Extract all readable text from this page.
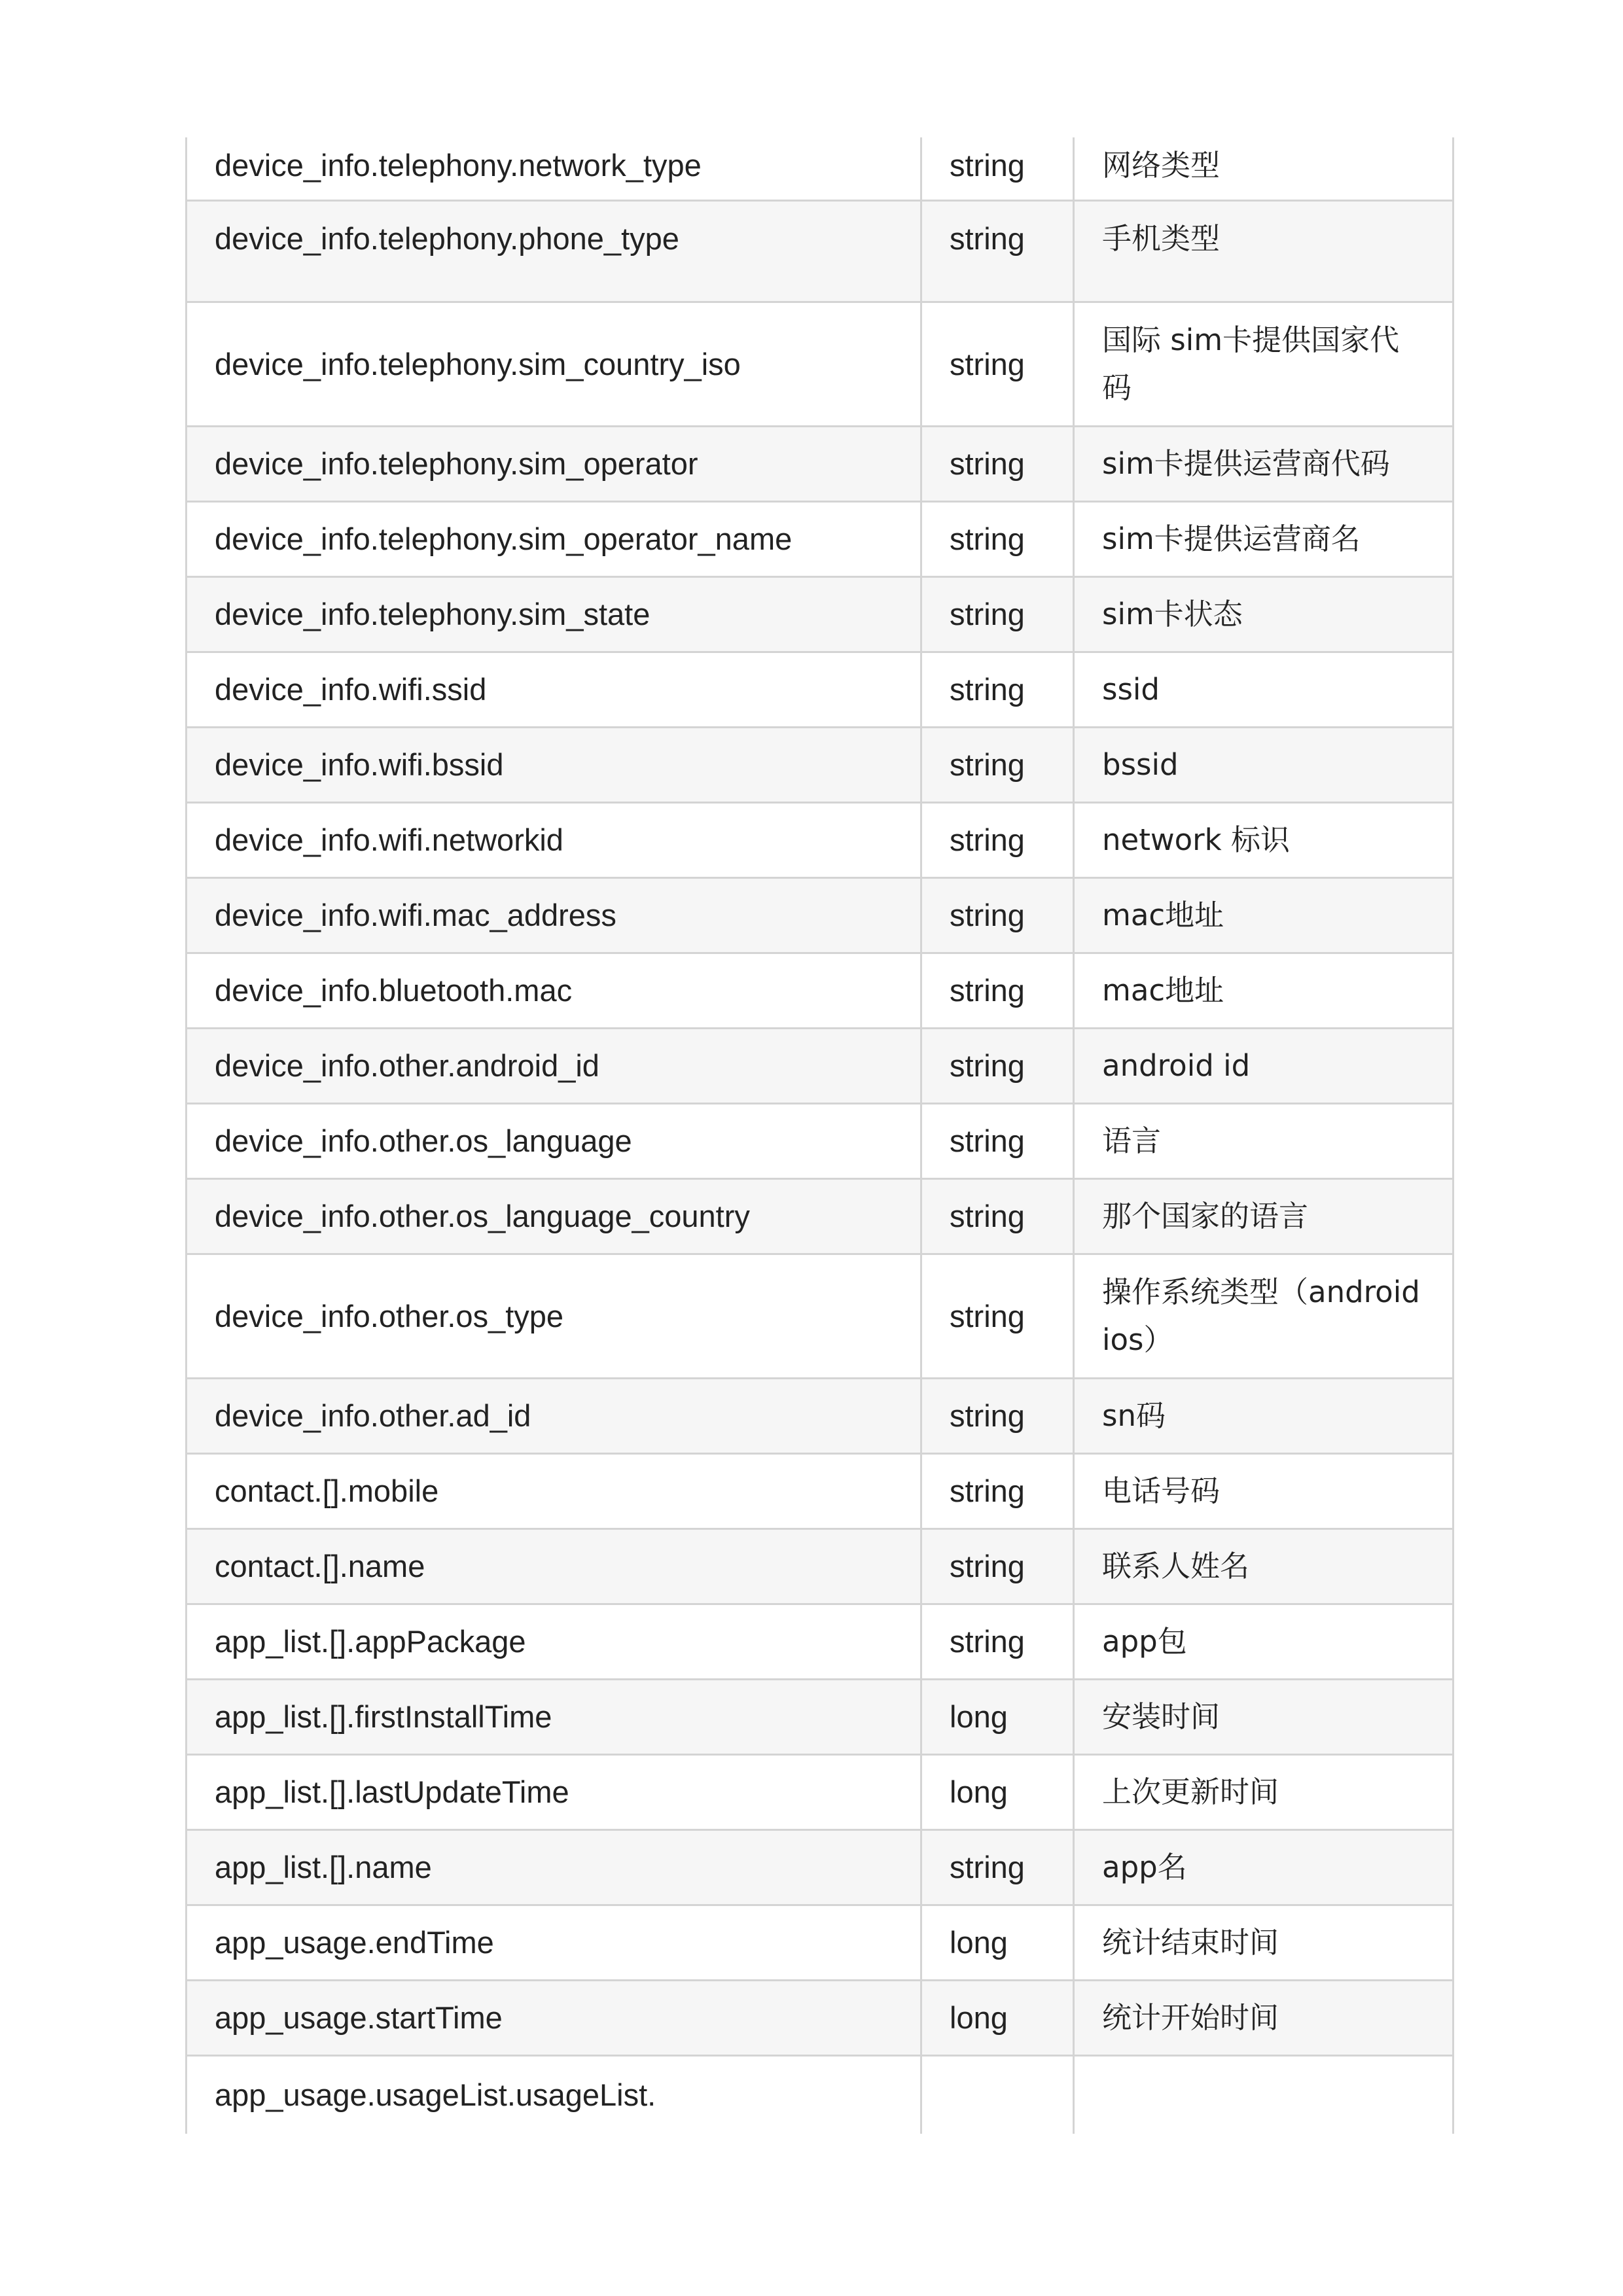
device_info.telephony.network_type	string	网络类型
device_info.telephony.phone_type	string	手机类型
device_info.telephony.sim_country_iso	string	国际 sim卡提供国家代码
device_info.telephony.sim_operator	string	sim卡提供运营商代码
device_info.telephony.sim_operator_name	string	sim卡提供运营商名
device_info.telephony.sim_state	string	sim卡状态
device_info.wifi.ssid	string	ssid
device_info.wifi.bssid	string	bssid
device_info.wifi.networkid	string	network 标识
device_info.wifi.mac_address	string	mac地址
device_info.bluetooth.mac	string	mac地址
device_info.other.android_id	string	android id
device_info.other.os_language	string	语言
device_info.other.os_language_country	string	那个国家的语言
device_info.other.os_type	string	操作系统类型（android ios）
device_info.other.ad_id	string	sn码
contact.[].mobile	string	电话号码
contact.[].name	string	联系人姓名
app_list.[].appPackage	string	app包
app_list.[].firstInstallTime	long	安装时间
app_list.[].lastUpdateTime	long	上次更新时间
app_list.[].name	string	app名
app_usage.endTime	long	统计结束时间
app_usage.startTime	long	统计开始时间
app_usage.usageList.usageList.		
